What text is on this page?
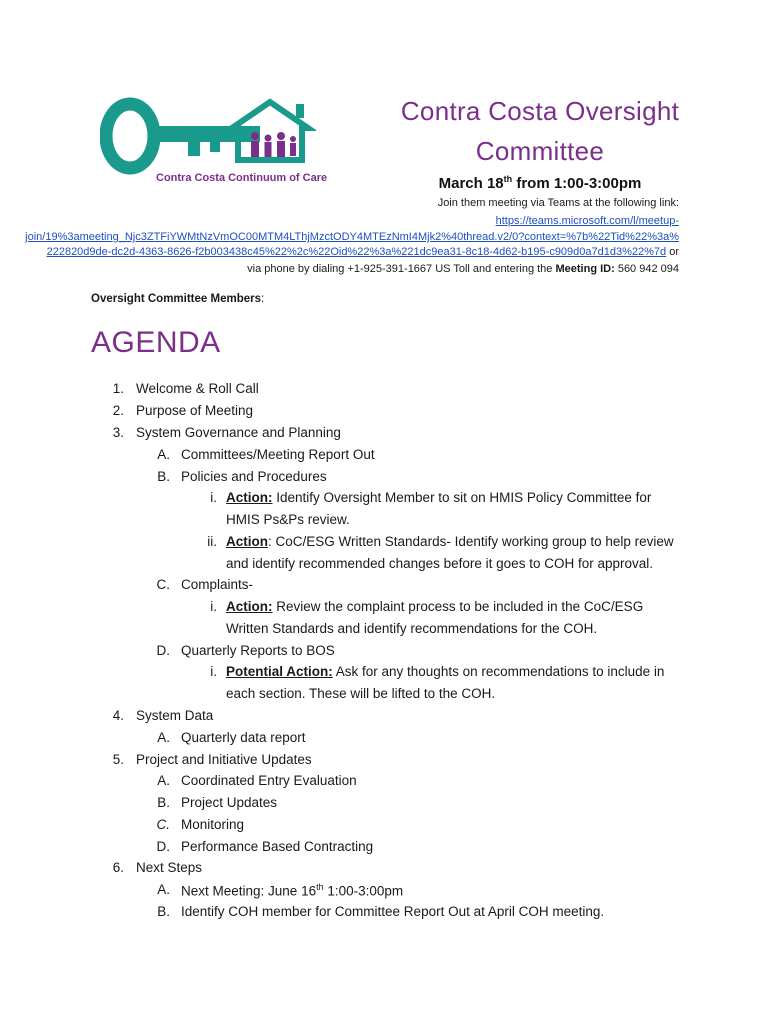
Contra Costa Continuum of Care
Contra Costa Oversight
Committee
March 18th from 1:00-3:00pm
Join them meeting via Teams at the following link:
https://teams.microsoft.com/l/meetup-
join/19%3ameeting_Njc3ZTFiYWMtNzVmOC00MTM4LThjMzctODY4MTEzNmI4Mjk2%40thread.v2/0?context=%7b%22Tid%22%3a%
222820d9de-dc2d-4363-8626-f2b003438c45%22%2c%22Oid%22%3a%221dc9ea31-8c18-4d62-b195-c909d0a7d1d3%22%7d or
via phone by dialing +1-925-391-1667 US Toll and entering the Meeting ID: 560 942 094
Oversight Committee Members:
AGENDA
1. Welcome & Roll Call
2. Purpose of Meeting
3. System Governance and Planning
A. Committees/Meeting Report Out
B. Policies and Procedures
i. Action: Identify Oversight Member to sit on HMIS Policy Committee for
HMIS Ps&Ps review.
ii. Action: CoC/ESG Written Standards- Identify working group to help review
and identify recommended changes before it goes to COH for approval.
C. Complaints-
i. Action: Review the complaint process to be included in the CoC/ESG
Written Standards and identify recommendations for the COH.
D. Quarterly Reports to BOS
i. Potential Action: Ask for any thoughts on recommendations to include in
each section. These will be lifted to the COH.
4. System Data
A. Quarterly data report
5. Project and Initiative Updates
A. Coordinated Entry Evaluation
B. Project Updates
C. Monitoring
D. Performance Based Contracting
6. Next Steps
A. Next Meeting: June 16th 1:00-3:00pm
B. Identify COH member for Committee Report Out at April COH meeting.
